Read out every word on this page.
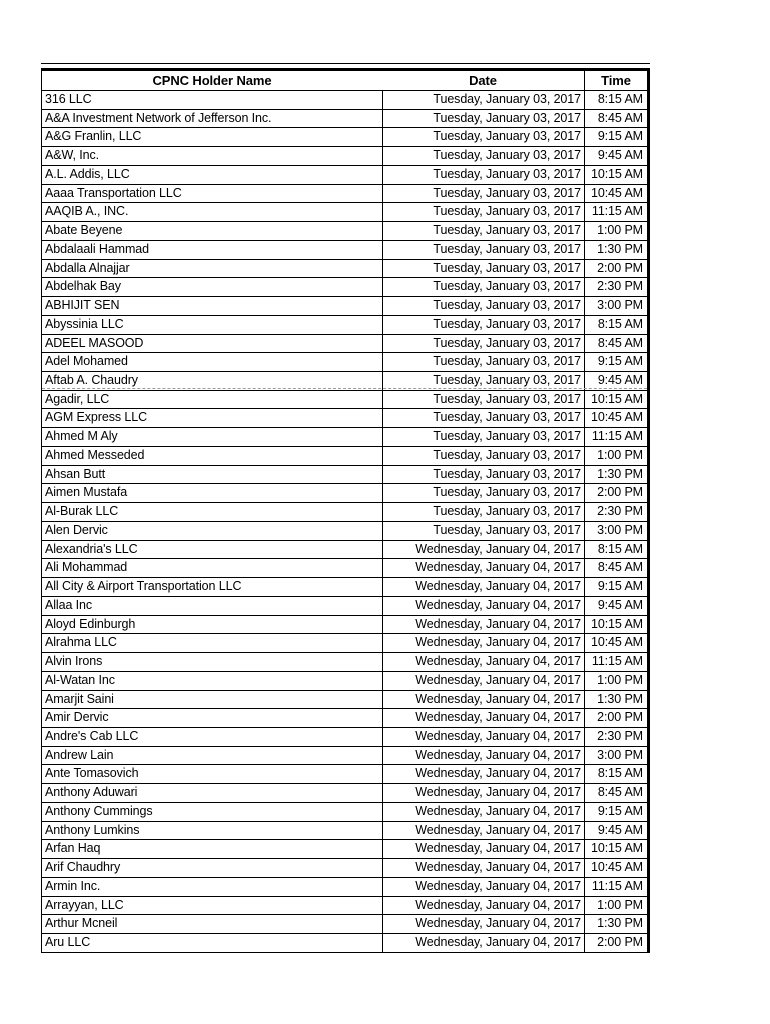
CPNC Holder Name	Date	Time
316 LLC	Tuesday, January 03, 2017	8:15 AM
A&A Investment Network of Jefferson Inc.	Tuesday, January 03, 2017	8:45 AM
A&G Franlin, LLC	Tuesday, January 03, 2017	9:15 AM
A&W, Inc.	Tuesday, January 03, 2017	9:45 AM
A.L. Addis, LLC	Tuesday, January 03, 2017 10:15 AM
Aaaa Transportation LLC	Tuesday, January 03, 2017 10:45 AM
AAQIB A., INC.	Tuesday, January 03, 2017 11:15 AM
Abate Beyene	Tuesday, January 03, 2017	1:00 PM
Abdalaali Hammad	Tuesday, January 03, 2017	1:30 PM
Abdalla Alnajjar	Tuesday, January 03, 2017	2:00 PM
Abdelhak Bay	Tuesday, January 03, 2017	2:30 PM
ABHIJIT SEN	Tuesday, January 03, 2017	3:00 PM
Abyssinia LLC	Tuesday, January 03, 2017	8:15 AM
ADEEL MASOOD	Tuesday, January 03, 2017	8:45 AM
Adel Mohamed	Tuesday, January 03, 2017	9:15 AM
Aftab A. Chaudry	Tuesday, January 03, 2017	9:45 AM
Agadir, LLC	Tuesday, January 03, 2017 10:15 AM
AGM Express LLC	Tuesday, January 03, 2017 10:45 AM
Ahmed M Aly	Tuesday, January 03, 2017 11:15 AM
Ahmed Messeded	Tuesday, January 03, 2017	1:00 PM
Ahsan Butt	Tuesday, January 03, 2017	1:30 PM
Aimen Mustafa	Tuesday, January 03, 2017	2:00 PM
Al-Burak LLC	Tuesday, January 03, 2017	2:30 PM
Alen Dervic	Tuesday, January 03, 2017	3:00 PM
Alexandria's LLC	Wednesday, January 04, 2017	8:15 AM
Ali Mohammad	Wednesday, January 04, 2017	8:45 AM
All City & Airport Transportation LLC	Wednesday, January 04, 2017	9:15 AM
Allaa Inc	Wednesday, January 04, 2017	9:45 AM
Aloyd Edinburgh	Wednesday, January 04, 2017 10:15 AM
Alrahma LLC	Wednesday, January 04, 2017 10:45 AM
Alvin Irons	Wednesday, January 04, 2017 11:15 AM
Al-Watan Inc	Wednesday, January 04, 2017	1:00 PM
Amarjit Saini	Wednesday, January 04, 2017	1:30 PM
Amir Dervic	Wednesday, January 04, 2017	2:00 PM
Andre's Cab LLC	Wednesday, January 04, 2017	2:30 PM
Andrew Lain	Wednesday, January 04, 2017	3:00 PM
Ante Tomasovich	Wednesday, January 04, 2017	8:15 AM
Anthony Aduwari	Wednesday, January 04, 2017	8:45 AM
Anthony Cummings	Wednesday, January 04, 2017	9:15 AM
Anthony Lumkins	Wednesday, January 04, 2017	9:45 AM
Arfan Haq	Wednesday, January 04, 2017 10:15 AM
Arif Chaudhry	Wednesday, January 04, 2017 10:45 AM
Armin Inc.	Wednesday, January 04, 2017 11:15 AM
Arrayyan, LLC	Wednesday, January 04, 2017	1:00 PM
Arthur Mcneil	Wednesday, January 04, 2017	1:30 PM
Aru LLC	Wednesday, January 04, 2017	2:00 PM
